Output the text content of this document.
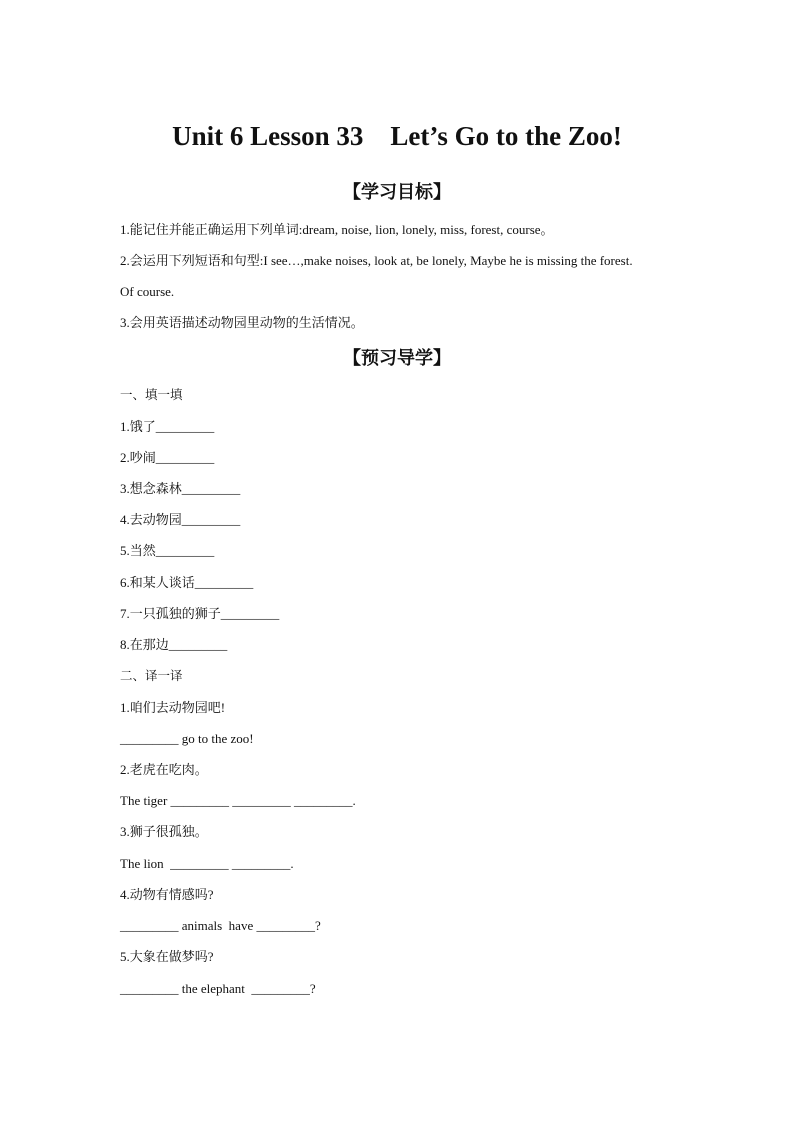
Unit 6 Lesson 33    Let’s Go to the Zoo!
【学习目标】
1.能记住并能正确运用下列单词:dream, noise, lion, lonely, miss, forest, course。
2.会运用下列短语和句型:I see…,make noises, look at, be lonely, Maybe he is missing the forest.
Of course.
3.会用英语描述动物园里动物的生活情况。
【预习导学】
一、填一填
1.饿了_________
2.吵闹_________
3.想念森林_________
4.去动物园_________
5.当然_________
6.和某人谈话_________
7.一只孤独的狮子_________
8.在那边_________
二、译一译
1.咱们去动物园吧!
_________ go to the zoo!
2.老虎在吃肉。
The tiger _________ _________ _________.
3.狮子很孤独。
The lion  _________ _________.
4.动物有情感吗?
_________ animals  have _________?
5.大象在做梦吗?
_________ the elephant  _________?
